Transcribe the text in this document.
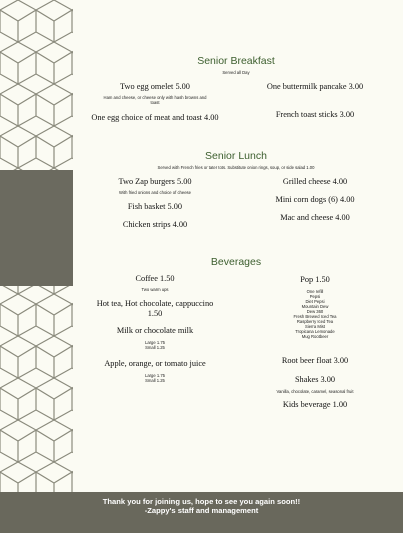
Senior Breakfast
Served all Day
Two egg omelet 5.00
Ham and cheese, or cheese only with hash browns and
toast
One egg choice of meat and toast 4.00
One buttermilk pancake 3.00
French toast sticks 3.00
Senior Lunch
Served with French fries or tater tots. Substitute onion rings, soup, or side salad 1.00
Two Zap burgers 5.00
With fried onions and choice of cheese
Fish basket 5.00
Chicken strips 4.00
Grilled cheese 4.00
Mini corn dogs (6) 4.00
Mac and cheese 4.00
Beverages
Coffee 1.50
Two warm ups
Hot tea, Hot chocolate, cappuccino
1.50
Milk or chocolate milk
Large 1.75
Small 1.25
Apple, orange, or tomato juice
Large 1.75
Small 1.25
Pop 1.50
One refill
Pepsi
Diet Pepsi
Mountain Dew
Dew 360
Fresh Brewed Iced Tea
Raspberry Iced Tea
Sierra Mist
Tropicana Lemonade
Mug Rootbeer
Root beer float 3.00
Shakes 3.00
Vanilla, chocolate, caramel, seasonal fruit
Kids beverage 1.00
Thank you for joining us, hope to see you again soon!!
-Zappy's staff and management
